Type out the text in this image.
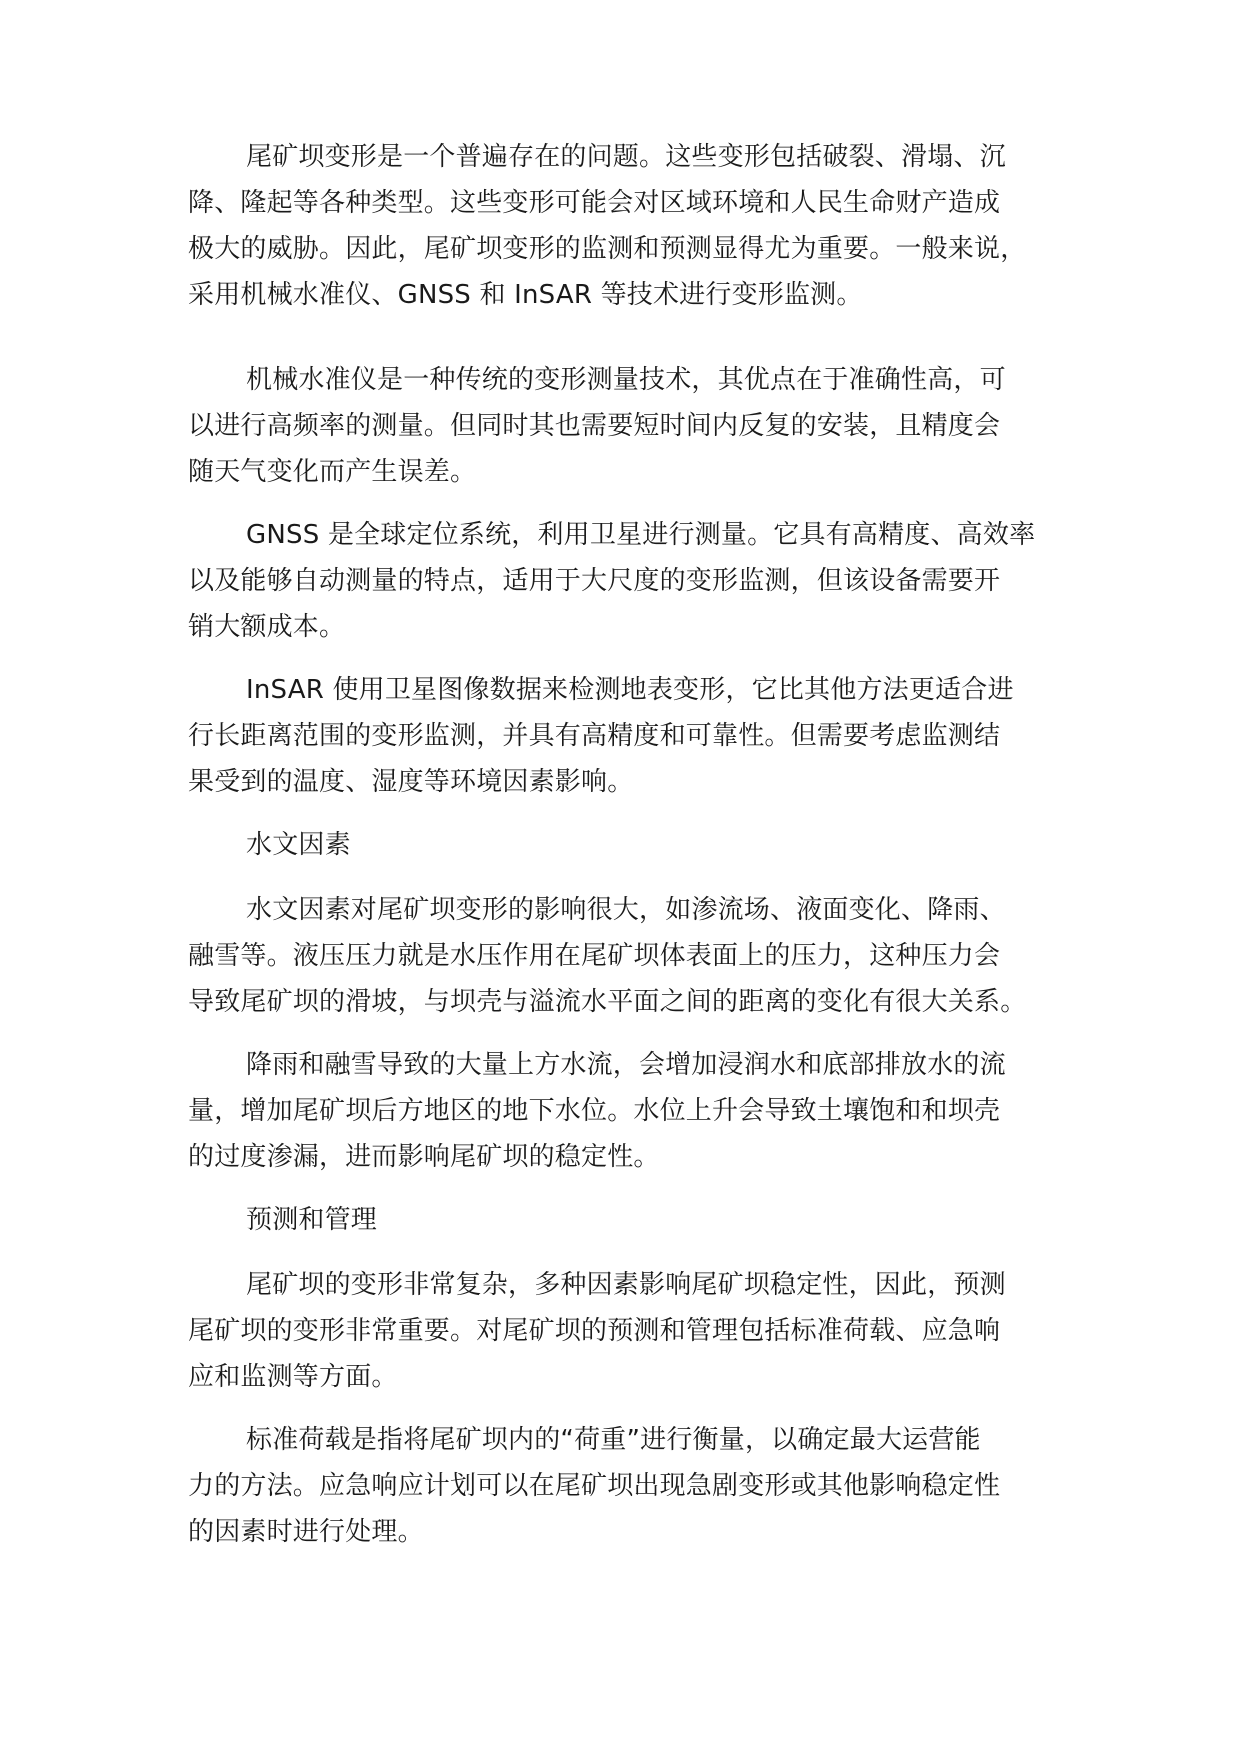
尾矿坝变形是一个普遍存在的问题。这些变形包括破裂、滑塌、沉
降、隆起等各种类型。这些变形可能会对区域环境和人民生命财产造成
极大的威胁。因此，尾矿坝变形的监测和预测显得尤为重要。一般来说，
采用机械水准仪、GNSS 和 InSAR 等技术进行变形监测。

机械水准仪是一种传统的变形测量技术，其优点在于准确性高，可
以进行高频率的测量。但同时其也需要短时间内反复的安装，且精度会
随天气变化而产生误差。

GNSS 是全球定位系统，利用卫星进行测量。它具有高精度、高效率
以及能够自动测量的特点，适用于大尺度的变形监测，但该设备需要开
销大额成本。

InSAR 使用卫星图像数据来检测地表变形，它比其他方法更适合进
行长距离范围的变形监测，并具有高精度和可靠性。但需要考虑监测结
果受到的温度、湿度等环境因素影响。

水文因素

水文因素对尾矿坝变形的影响很大，如渗流场、液面变化、降雨、
融雪等。液压压力就是水压作用在尾矿坝体表面上的压力，这种压力会
导致尾矿坝的滑坡，与坝壳与溢流水平面之间的距离的变化有很大关系。

降雨和融雪导致的大量上方水流，会增加浸润水和底部排放水的流
量，增加尾矿坝后方地区的地下水位。水位上升会导致土壤饱和和坝壳
的过度渗漏，进而影响尾矿坝的稳定性。

预测和管理

尾矿坝的变形非常复杂，多种因素影响尾矿坝稳定性，因此，预测
尾矿坝的变形非常重要。对尾矿坝的预测和管理包括标准荷载、应急响
应和监测等方面。

标准荷载是指将尾矿坝内的“荷重”进行衡量，以确定最大运营能
力的方法。应急响应计划可以在尾矿坝出现急剧变形或其他影响稳定性
的因素时进行处理。
